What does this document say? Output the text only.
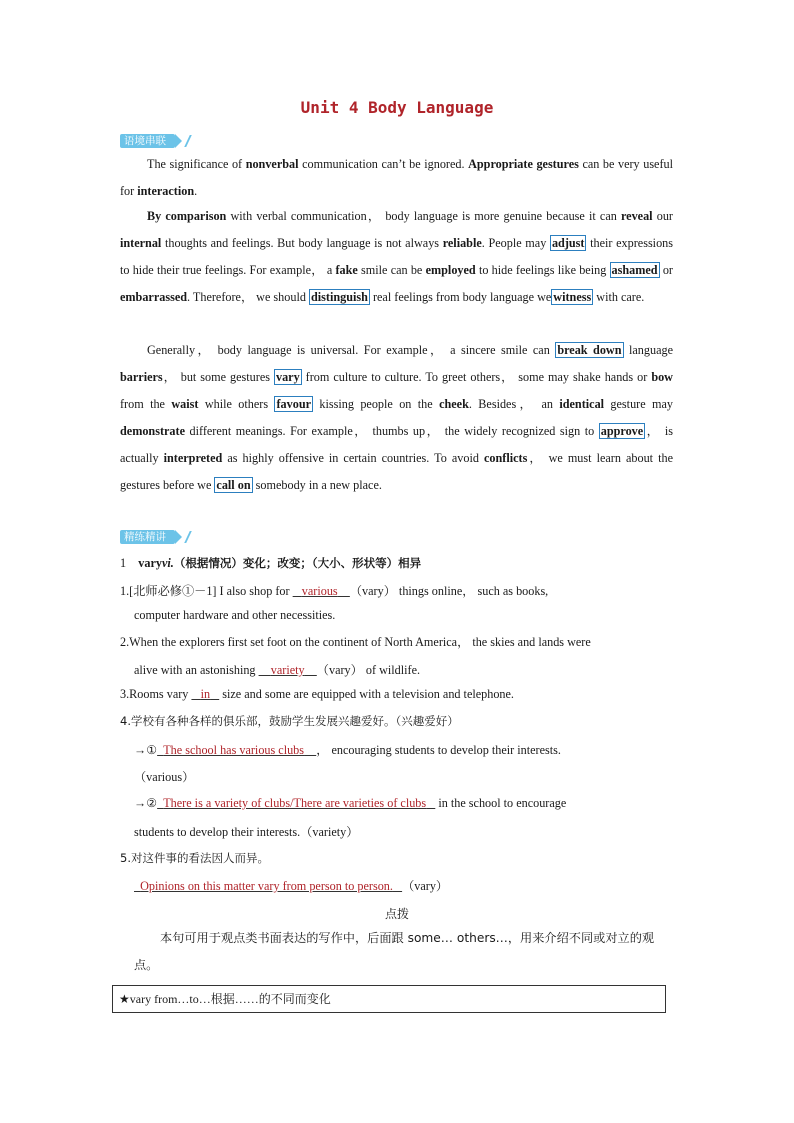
Unit 4 Body Language
语境串联
The significance of nonverbal communication can’t be ignored. Appropriate gestures can be very useful for interaction.
By comparison with verbal communication， body language is more genuine because it can reveal our internal thoughts and feelings. But body language is not always reliable. People may adjust their expressions to hide their true feelings. For example， a fake smile can be employed to hide feelings like being ashamed or embarrassed. Therefore， we should distinguish real feelings from body language we witness with care.
Generally， body language is universal. For example， a sincere smile can break down language barriers， but some gestures vary from culture to culture. To greet others， some may shake hands or bow from the waist while others favour kissing people on the cheek. Besides， an identical gesture may demonstrate different meanings. For example， thumbs up， the widely recognized sign to approve ， is actually interpreted as highly offensive in certain countries. To avoid conflicts， we must learn about the gestures before we call on somebody in a new place.
精练精讲
1 varyvi.（根据情况）变化；改变；（大小、形状等）相异
1.[北师必修①－1] I also shop for    various （vary） things online， such as books,
computer hardware and other necessities.
2.When the explorers first set foot on the continent of North America， the skies and lands were
alive with an astonishing     variety （vary） of wildlife.
3.Rooms vary    in    size and some are equipped with a television and telephone.
4.学校有各种各样的俱乐部，鼓励学生发展兴趣爱好。（兴趣爱好）
→① The school has various clubs ， encouraging students to develop their interests.
（various）
→② There is a variety of clubs/There are varieties of clubs    in the school to encourage
students to develop their interests.（variety）
5.对这件事的看法因人而异。
Opinions on this matter vary from person to person. （vary）
点拨
本句可用于观点类书面表达的写作中，后面跟 some… others…，用来介绍不同或对立的观点。
★vary from…to…根据……的不同而变化
